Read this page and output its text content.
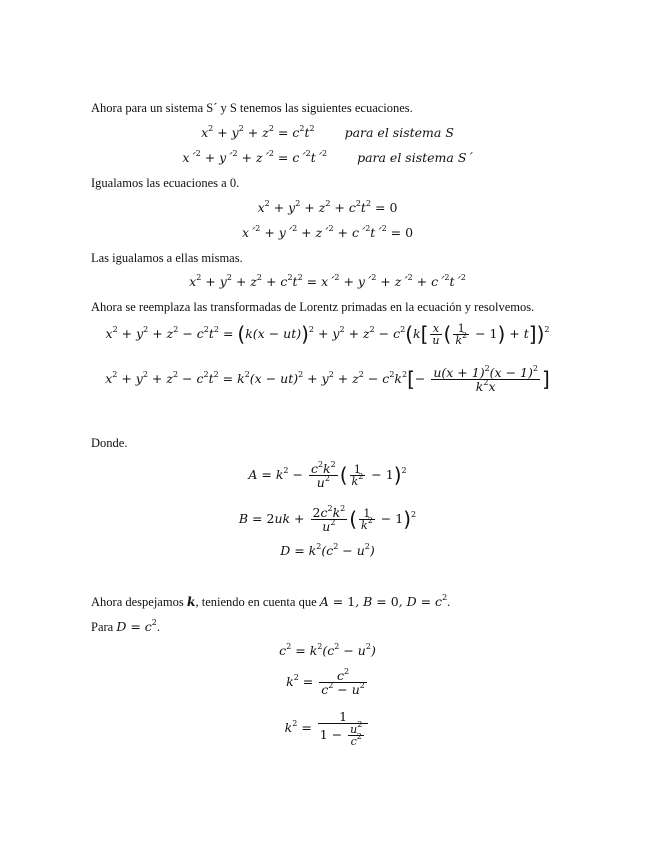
Ahora para un sistema S´ y S tenemos las siguientes ecuaciones.
$x^2 + y^2 + z^2 = c^2t^2$ para el sistema S
x´$^2$ + y´$^2$ + z´$^2$ = c´$^2$t´$^2$ para el sistema S´
Igualamos las ecuaciones a 0.
$x^2 + y^2 + z^2 + c^2t^2 = 0$
x´$^2$ + y´$^2$ + z´$^2$ + c´$^2$t´$^2$ = 0
Las igualamos a ellas mismas.
$x^2 + y^2 + z^2 + c^2t^2$ = x´$^2$ + y´$^2$ + z´$^2$ + c´$^2$t´$^2$
Ahora se reemplaza las transformadas de Lorentz primadas en la ecuación y resolvemos.
$x^2 + y^2 + z^2 - c^2t^2 = (k(x - ut))^2 + y^2 + z^2 - c^2(k[ \frac{x}{u}$ ( $\frac{1}{k^2} - 1) + t])^2$
$x^2 + y^2 + z^2 - c^2t^2 = k^2(x - ut)^2 + y^2 + z^2 - c^2k^2[- \frac{u(x + 1)^2(x - 1)^2}{k^2x}$ ]
Donde.
$A = k^2 - \frac{c^2k^2}{u^2}$ ( $\frac{1}{k^2} - 1)^2$
$B = 2uk + \frac{2c^2k^2}{u^2}$ ( $\frac{1}{k^2} - 1)^2$
$D = k^2(c^2 - u^2)$
Ahora despejamos k, teniendo en cuenta que A = 1, B = 0, $D = c^2$.
Para $D = c^2$.
$c^2 = k^2(c^2 - u^2)$
$k^2 = \frac{c^2}{c^2 - u^2}$
$k^2 = \frac{1}{1 - \frac{u^2}{c^2}}$
